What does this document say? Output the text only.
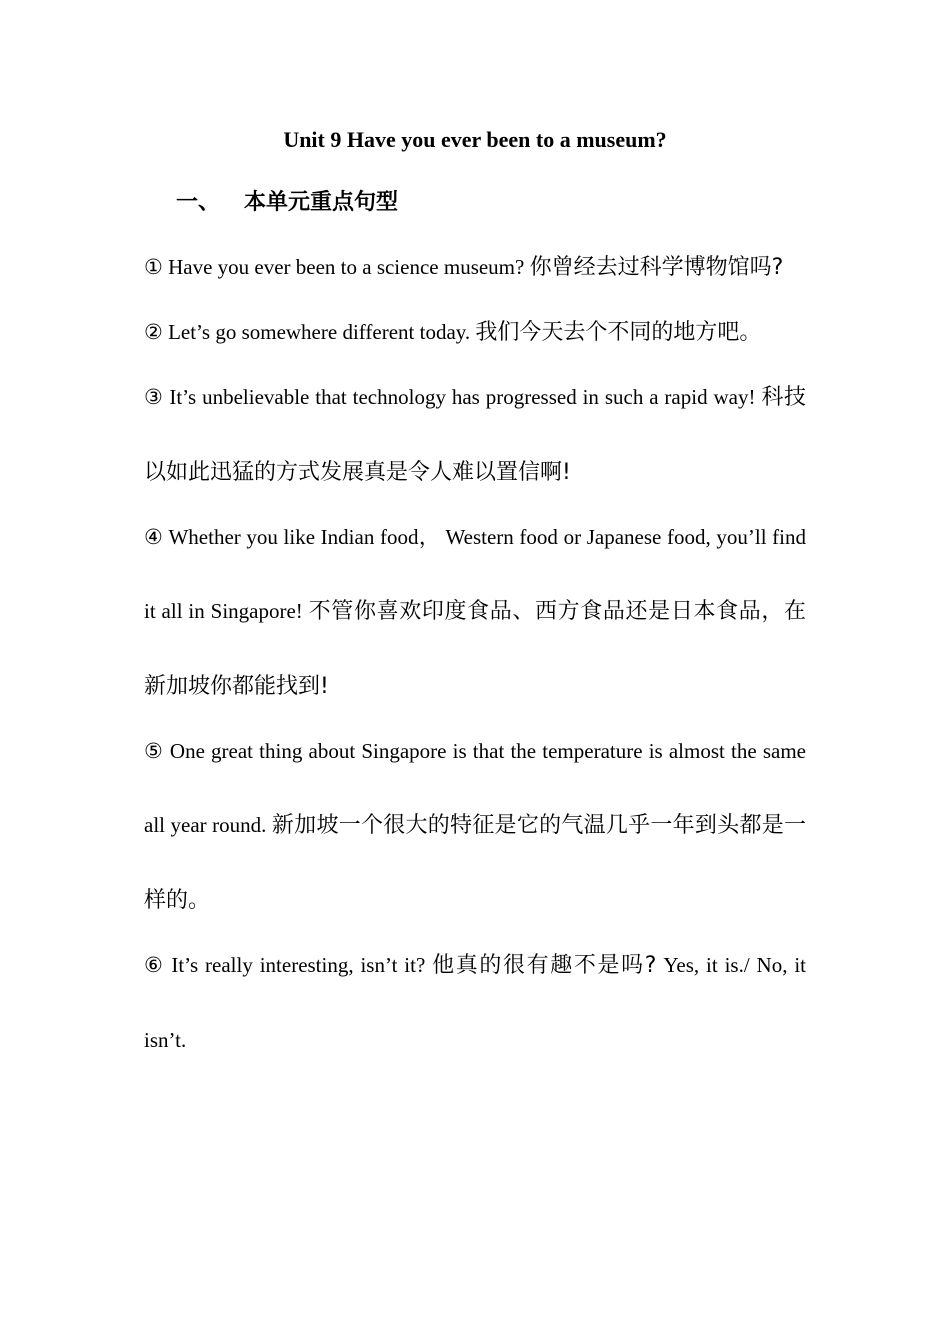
Unit 9 Have you ever been to a museum?
一、 本单元重点句型

① Have you ever been to a science museum? 你曾经去过科学博物馆吗?

② Let’s go somewhere different today. 我们今天去个不同的地方吧。

③ It’s unbelievable that technology has progressed in such a rapid way! 科技以如此迅猛的方式发展真是令人难以置信啊!

④ Whether you like Indian food， Western food or Japanese food, you’ll find it all in Singapore! 不管你喜欢印度食品、西方食品还是日本食品，在新加坡你都能找到!

⑤ One great thing about Singapore is that the temperature is almost the same all year round. 新加坡一个很大的特征是它的气温几乎一年到头都是一样的。

⑥ It’s really interesting, isn’t it? 他真的很有趣不是吗? Yes, it is./ No, it isn’t.
